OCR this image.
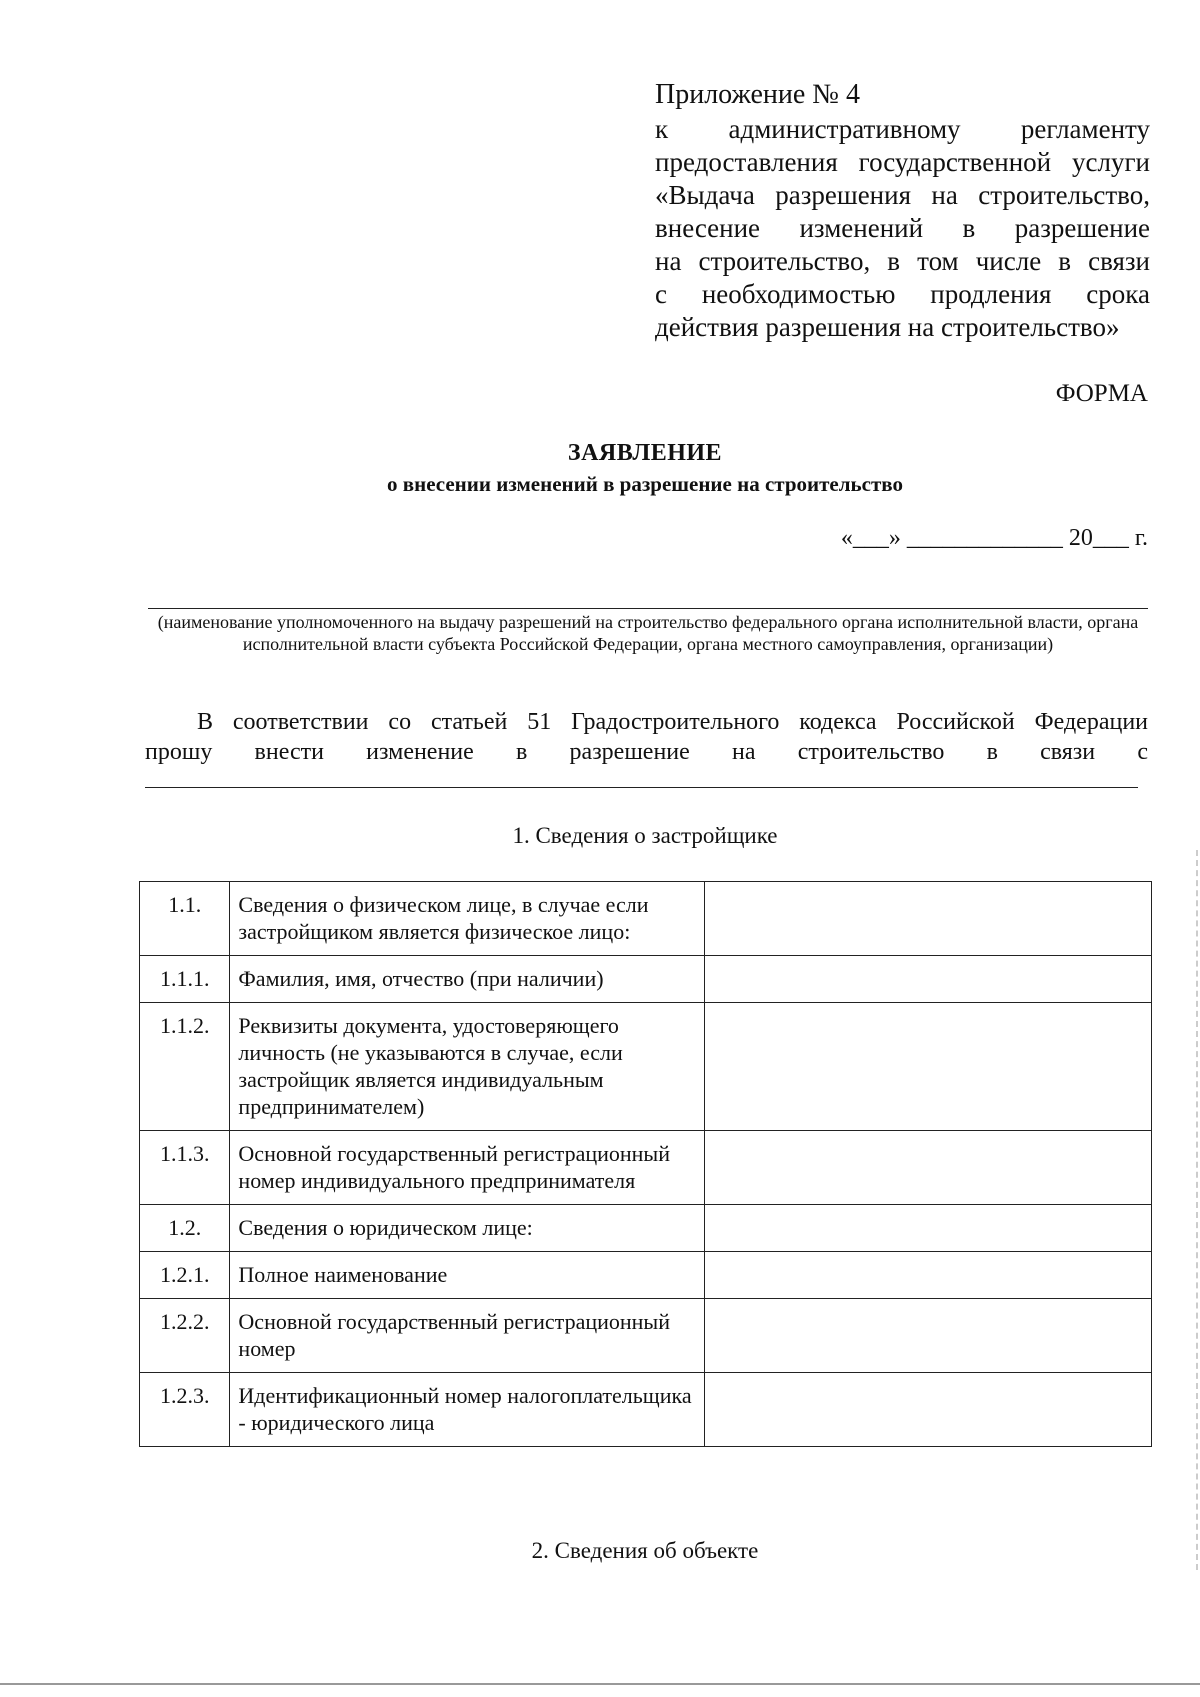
Приложение № 4
к административному регламенту
предоставления государственной услуги
«Выдача разрешения на строительство,
внесение изменений в разрешение
на строительство, в том числе в связи
с необходимостью продления срока
действия разрешения на строительство»
ФОРМА
ЗАЯВЛЕНИЕ
о внесении изменений в разрешение на строительство
«___» _____________ 20___ г.
(наименование уполномоченного на выдачу разрешений на строительство федерального органа исполнительной власти, органа исполнительной власти субъекта Российской Федерации, органа местного самоуправления, организации)
В соответствии со статьей 51 Градостроительного кодекса Российской Федерации
прошу внести изменение в разрешение на строительство в связи с
1. Сведения о застройщике
1.1.	Сведения о физическом лице, в случае если застройщиком является физическое лицо:	
1.1.1.	Фамилия, имя, отчество (при наличии)	
1.1.2.	Реквизиты документа, удостоверяющего личность (не указываются в случае, если застройщик является индивидуальным предпринимателем)	
1.1.3.	Основной государственный регистрационный номер индивидуального предпринимателя	
1.2.	Сведения о юридическом лице:	
1.2.1.	Полное наименование	
1.2.2.	Основной государственный регистрационный номер	
1.2.3.	Идентификационный номер налогоплательщика - юридического лица	
2. Сведения об объекте
